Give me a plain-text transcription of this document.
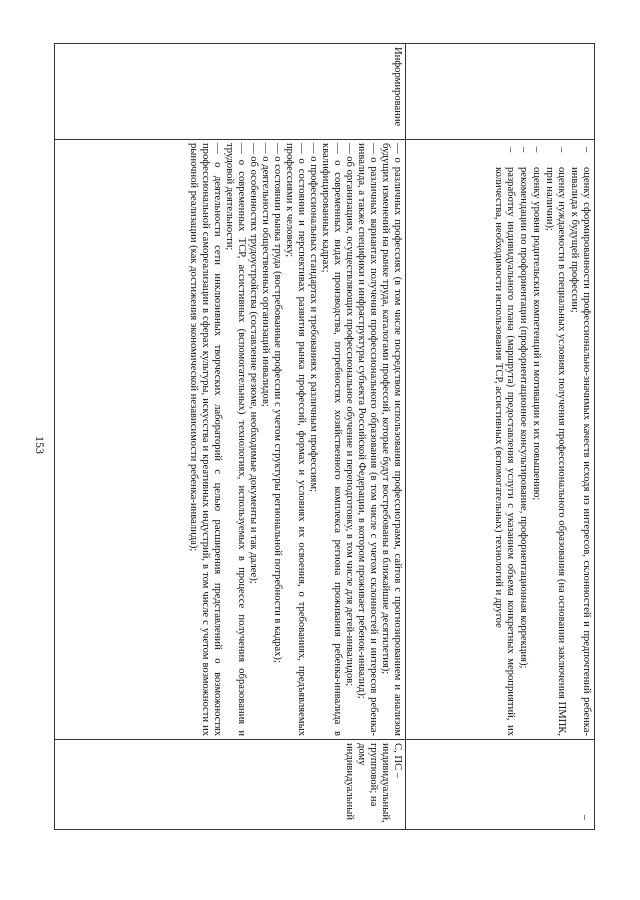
153

–	оценку сформированности профессионально-значимых качеств исходя из интересов, склонностей и предпочтений ребенка-инвалида к будущей профессии;
– оценку нуждаемости в специальных условиях получения профессионального образования (на основании заключения ПМПК, при наличии);
– оценку уровня родительских компетенций и мотивации к их повышению;
– рекомендации по профориентации (профориентационное консультирование, профориентационная коррекция);
– разработку индивидуального плана (маршрута) предоставления услуги с указанием объема конкретных мероприятий, их количества, необходимости использования ТСР, ассистивных (вспомогательных) технологий и другое

–

Информирование	

— о различных профессиях (в том числе посредством использования профессиограмм, сайтов с прогнозированием и анализом будущих изменений на рынке труда, каталогами профессий, которые будут востребованы в ближайшие десятилетия);

— о различных вариантах получения профессионального образования (в том числе с учетом склонностей и интересов ребенка-инвалида, а также специфики и инфраструктуры субъекта Российской Федерации, в котором проживает ребенок-инвалид);

— об организациях, осуществляющих профессиональное обучение и переподготовку, в том числе для детей-инвалидов;

— о современных видах производства, потребностях хозяйственного комплекса региона проживания ребенка-инвалида в квалифицированных кадрах;

— о профессиональных стандартах и требованиях к различным профессиям;

— о состоянии и перспективах развития рынка профессий, формах и условиях их освоения, о требованиях, предъявляемых профессиями к человеку;

— о состоянии рынка труда (востребованные профессии с учетом структуры региональной потребности в кадрах);

— о деятельности общественных организаций инвалидов;

— об особенностях трудоустройства (составление резюме, необходимые документы и так далее);

— о современных ТСР, ассистивных (вспомогательных) технологиях, используемых в процессе получения образования и трудовой деятельности;

— о деятельности сети инклюзивных творческих лабораторий с целью расширения представлений о возможностях профессиональной самореализации в сферах культуры, искусства и креативных индустрий, в том числе с учетом возможности их рыночной реализации (как достижения экономической независимости ребенка-инвалида);

	С, ПС – индивидуальный, групповой; на дому индивидуальный
